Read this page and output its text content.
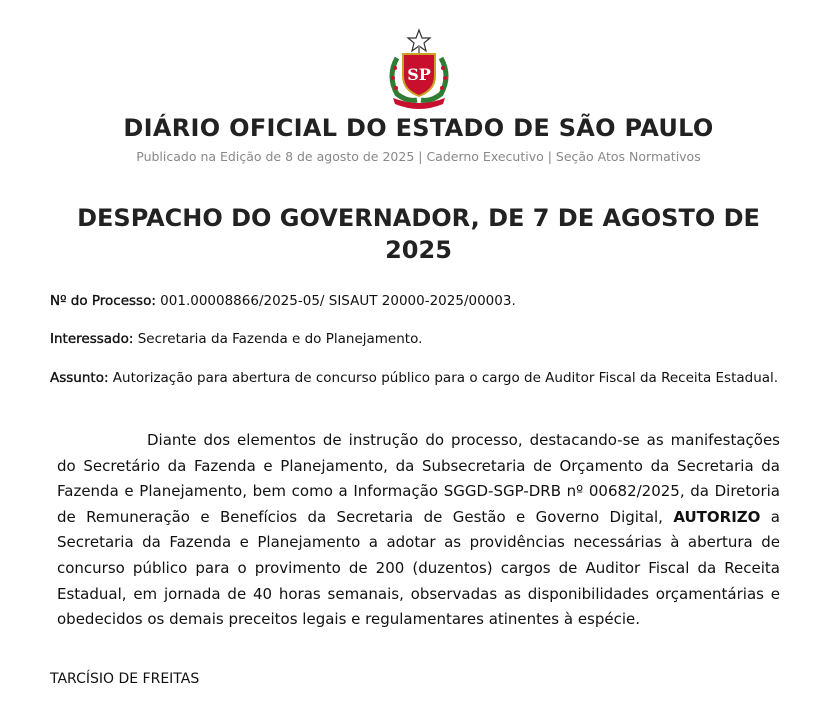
SP
DIÁRIO OFICIAL DO ESTADO DE SÃO PAULO
Publicado na Edição de 8 de agosto de 2025 | Caderno Executivo | Seção Atos Normativos
DESPACHO DO GOVERNADOR, DE 7 DE AGOSTO DE 2025
Nº do Processo: 001.00008866/2025-05/ SISAUT 20000-2025/00003.
Interessado: Secretaria da Fazenda e do Planejamento.
Assunto: Autorização para abertura de concurso público para o cargo de Auditor Fiscal da Receita Estadual.
Diante dos elementos de instrução do processo, destacando-se as manifestações do Secretário da Fazenda e Planejamento, da Subsecretaria de Orçamento da Secretaria da Fazenda e Planejamento, bem como a Informação SGGD-SGP-DRB nº 00682/2025, da Diretoria de Remuneração e Benefícios da Secretaria de Gestão e Governo Digital, AUTORIZO a Secretaria da Fazenda e Planejamento a adotar as providências necessárias à abertura de concurso público para o provimento de 200 (duzentos) cargos de Auditor Fiscal da Receita Estadual, em jornada de 40 horas semanais, observadas as disponibilidades orçamentárias e obedecidos os demais preceitos legais e regulamentares atinentes à espécie.
TARCÍSIO DE FREITAS
